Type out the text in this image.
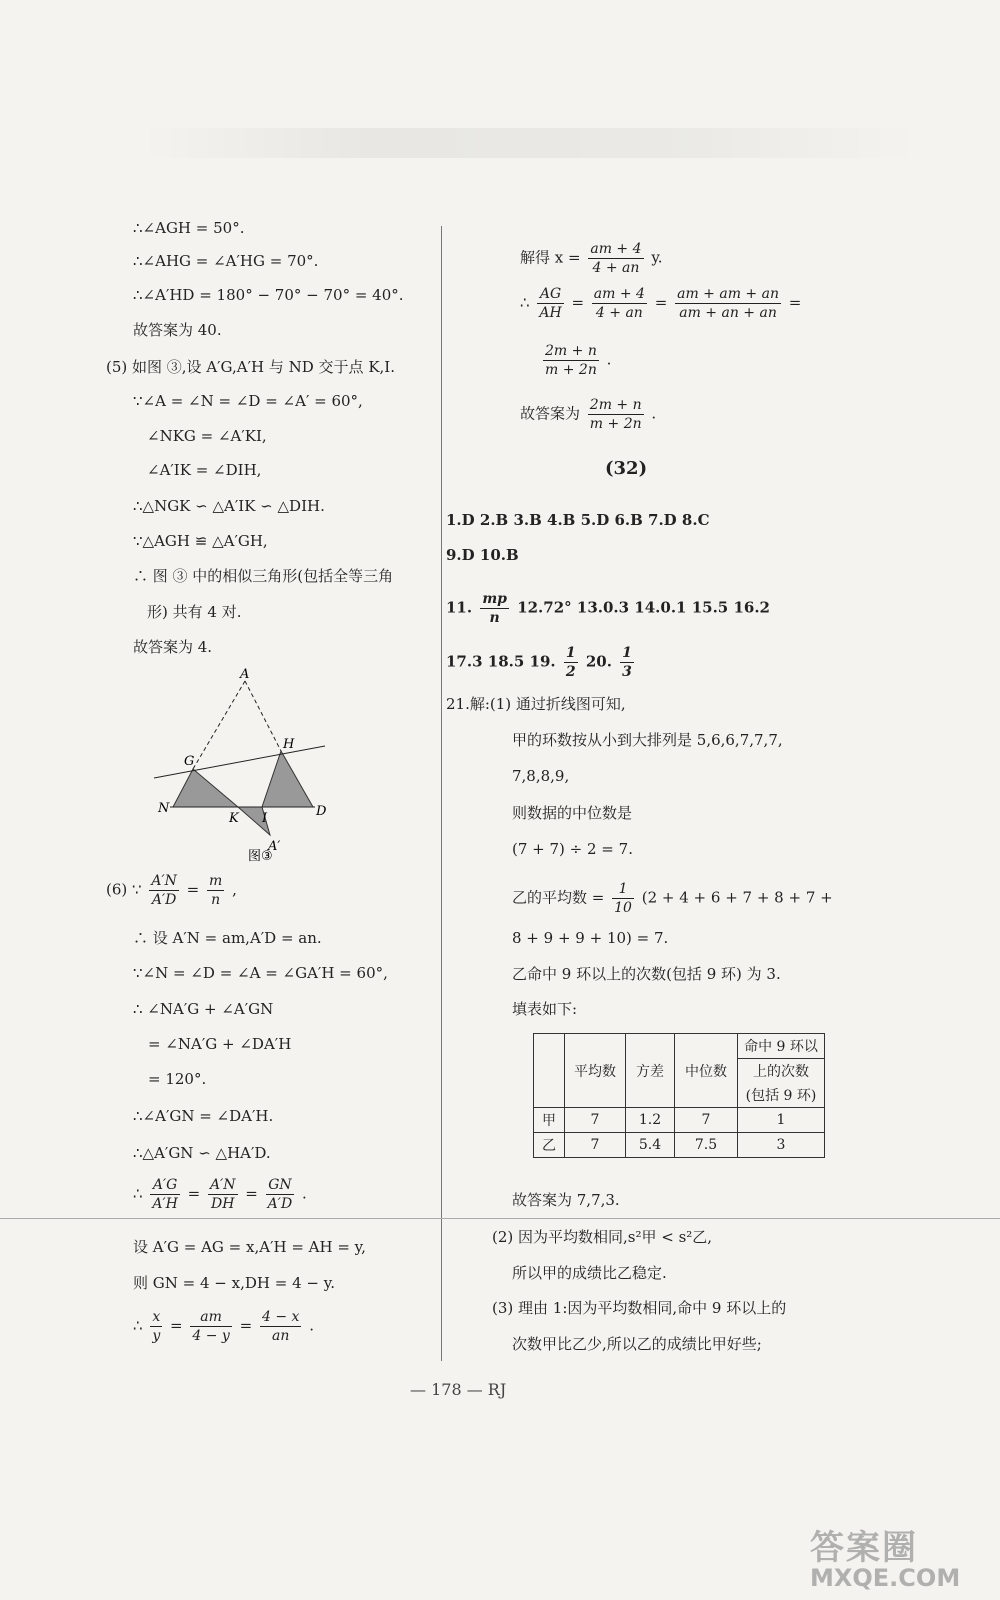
∴∠AGH = 50°.
∴∠AHG = ∠A′HG = 70°.
∴∠A′HD = 180° − 70° − 70° = 40°.
故答案为 40.
(5) 如图 ③,设 A′G,A′H 与 ND 交于点 K,I.
∵∠A = ∠N = ∠D = ∠A′ = 60°,
∠NKG = ∠A′KI,
∠A′IK = ∠DIH,
∴△NGK ∽ △A′IK ∽ △DIH.
∵△AGH ≌ △A′GH,
∴ 图 ③ 中的相似三角形(包括全等三角
形) 共有 4 对.
故答案为 4.
A
G
H
N
K I
A′
D
图③
(6) ∵ $\frac{A'N}{A'D} = \frac{m}{n}$ ,
∴ 设 A′N = am,A′D = an.
∵∠N = ∠D = ∠A = ∠GA′H = 60°,
∴ ∠NA′G + ∠A′GN
= ∠NA′G + ∠DA′H
= 120°.
∴∠A′GN = ∠DA′H.
∴△A′GN ∽ △HA′D.
∴ $\frac{A'G}{A'H} = \frac{A'N}{DH} = \frac{GN}{A'D}$ .
设 A′G = AG = x,A′H = AH = y,
则 GN = 4 − x,DH = 4 − y.
∴ $\frac{x}{y} = \frac{am}{4 - y} = \frac{4 - x}{an}$ .
解得 $x = \frac{am + 4}{4 + an} y$.
∴ $\frac{AG}{AH} = \frac{am + 4}{4 + an} = \frac{am + am + an}{am + an + an}$ =
$\frac{2m + n}{m + 2n}$ .
故答案为 $\frac{2m + n}{m + 2n}$ .
(32)
1.D 2.B 3.B 4.B 5.D 6.B 7.D 8.C
9.D 10.B
11. $\frac{mp}{n} 12.72^\circ$ 13.0.3 14.0.1 15.5 16.2
17.3 18.5 19. $\frac{1}{2} 20$. $\frac{1}{3}$
21.解:(1) 通过折线图可知,
甲的环数按从小到大排列是 5,6,6,7,7,7,
7,8,8,9,
则数据的中位数是
(7 + 7) ÷ 2 = 7.
乙的平均数 = $\frac{1}{10} (2 + 4 + 6 + 7 + 8 + 7$ +
8 + 9 + 9 + 10) = 7.
乙命中 9 环以上的次数(包括 9 环) 为 3.
填表如下:
	平均数	方差	中位数	命中 9 环以
				上的次数
				(包括 9 环)
甲	7	1.2	7	1
乙	7	5.4	7.5	3
故答案为 7,7,3.
(2) 因为平均数相同,s²甲 < s²乙,
所以甲的成绩比乙稳定.
(3) 理由 1:因为平均数相同,命中 9 环以上的
次数甲比乙少,所以乙的成绩比甲好些;
— 178 — RJ
答案圈
MXQE.COM
